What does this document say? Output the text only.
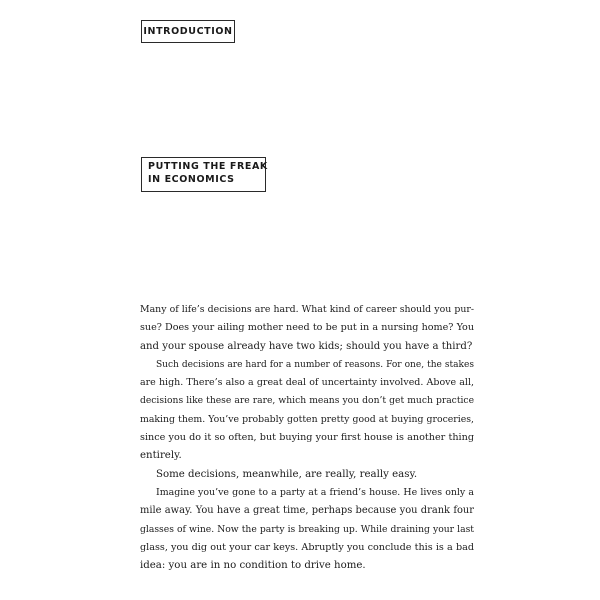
INTRODUCTION
PUTTING THE FREAK
IN ECONOMICS
Many of life’s decisions are hard. What kind of career should you pur-
sue? Does your ailing mother need to be put in a nursing home? You
and your spouse already have two kids; should you have a third?
Such decisions are hard for a number of reasons. For one, the stakes
are high. There’s also a great deal of uncertainty involved. Above all,
decisions like these are rare, which means you don’t get much practice
making them. You’ve probably gotten pretty good at buying groceries,
since you do it so often, but buying your first house is another thing
entirely.
Some decisions, meanwhile, are really, really easy.
Imagine you’ve gone to a party at a friend’s house. He lives only a
mile away. You have a great time, perhaps because you drank four
glasses of wine. Now the party is breaking up. While draining your last
glass, you dig out your car keys. Abruptly you conclude this is a bad
idea: you are in no condition to drive home.
